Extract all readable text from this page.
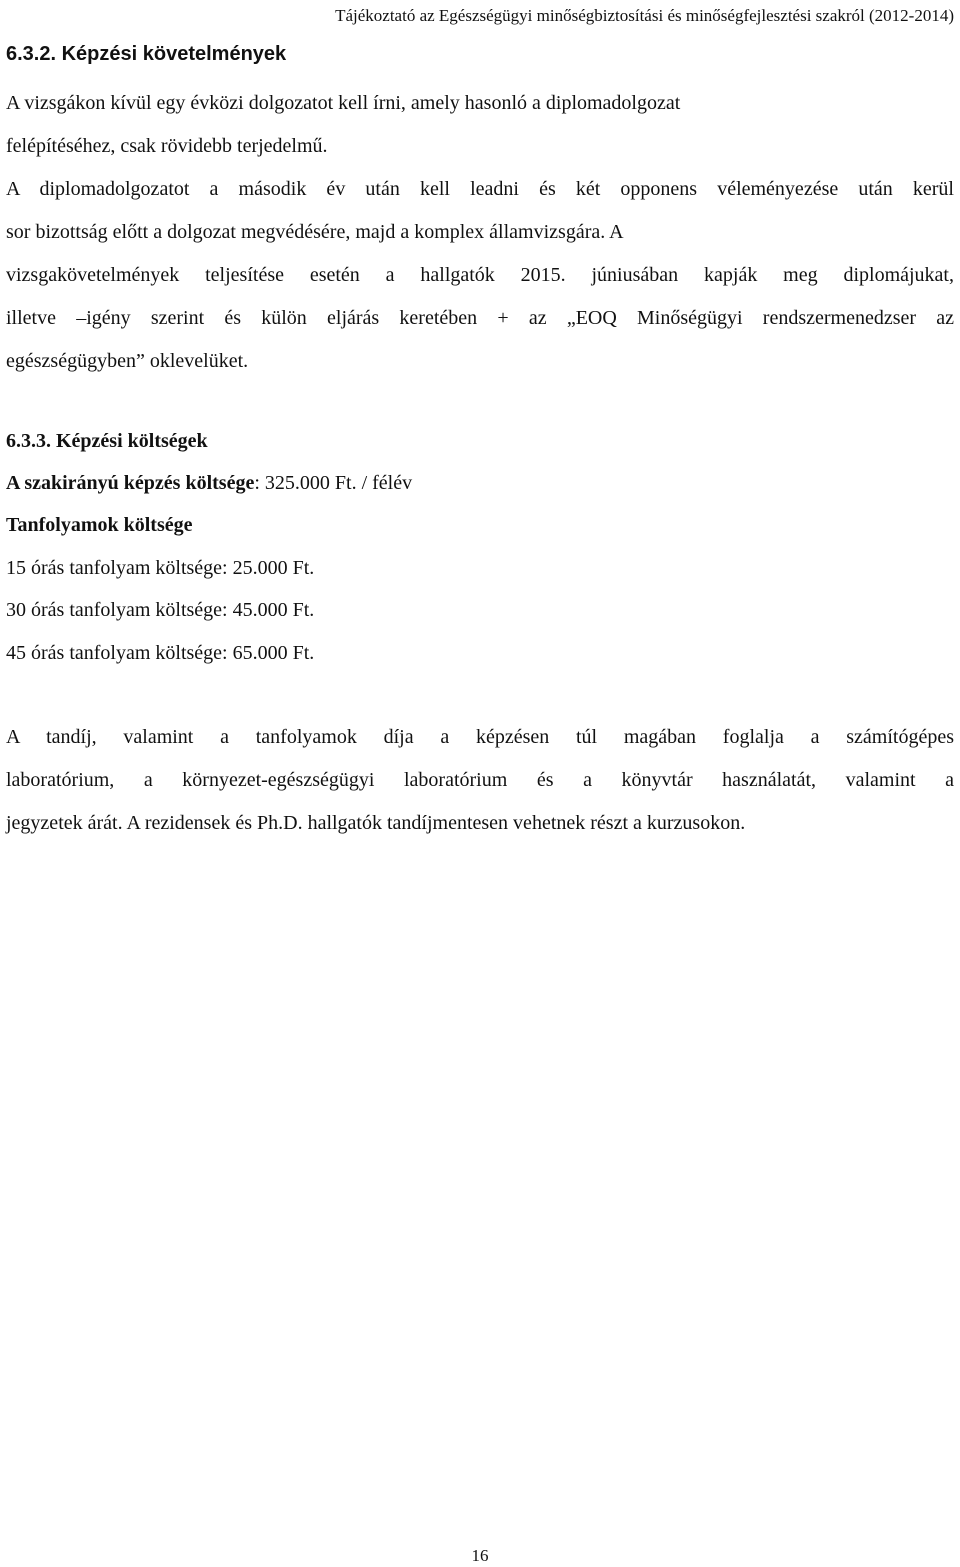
Tájékoztató az Egészségügyi minőségbiztosítási és minőségfejlesztési szakról (2012-2014)
6.3.2. Képzési követelmények
A vizsgákon kívül egy évközi dolgozatot kell írni, amely hasonló a diplomadolgozat
felépítéséhez, csak rövidebb terjedelmű.
A diplomadolgozatot a második év után kell leadni és két opponens véleményezése után kerül
sor bizottság előtt a dolgozat megvédésére, majd a komplex államvizsgára. A
vizsgakövetelmények teljesítése esetén a hallgatók 2015. júniusában kapják meg diplomájukat,
illetve –igény szerint és külön eljárás keretében + az „EOQ Minőségügyi rendszermenedzser az
egészségügyben” oklevelüket.
6.3.3. Képzési költségek
A szakirányú képzés költsége: 325.000 Ft. / félév
Tanfolyamok költsége
15 órás tanfolyam költsége: 25.000 Ft.
30 órás tanfolyam költsége: 45.000 Ft.
45 órás tanfolyam költsége: 65.000 Ft.
A tandíj, valamint a tanfolyamok díja a képzésen túl magában foglalja a számítógépes
laboratórium, a környezet-egészségügyi laboratórium és a könyvtár használatát, valamint a
jegyzetek árát. A rezidensek és Ph.D. hallgatók tandíjmentesen vehetnek részt a kurzusokon.
16
